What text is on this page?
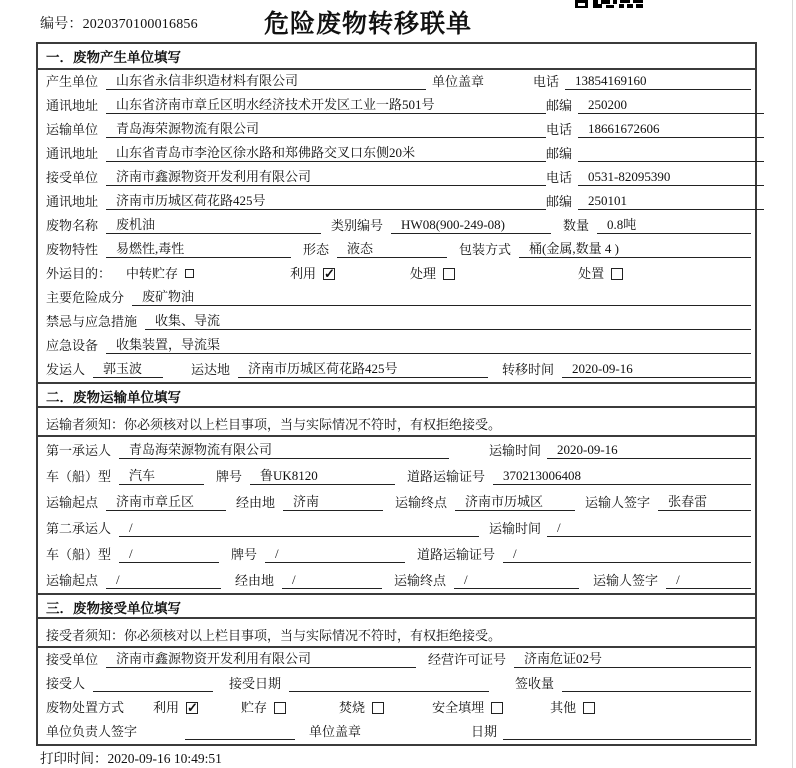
编号：2020370100016856	危险废物转移联单
一．废物产生单位填写
产生单位	山东省永信非织造材料有限公司	单位盖章	电话	13854169160
通讯地址	山东省济南市章丘区明水经济技术开发区工业一路501号	邮编	250200
运输单位	青岛海荣源物流有限公司	电话	18661672606
通讯地址	山东省青岛市李沧区徐水路和郑佛路交叉口东侧20米	邮编
接受单位	济南市鑫源物资开发利用有限公司	电话	0531-82095390
通讯地址	济南市历城区荷花路425号	邮编	250101
废物名称	废机油	类别编号	HW08(900-249-08)	数量	0.8吨
废物特性	易燃性,毒性	形态	液态	包装方式	桶(金属,数量 4 )
外运目的： 中转贮存	利用 ✓	处理	处置
主要危险成分	废矿物油
禁忌与应急措施	收集、导流
应急设备	收集装置，导流渠
发运人	郭玉波	运达地	济南市历城区荷花路425号	转移时间	2020-09-16
二．废物运输单位填写
运输者须知：你必须核对以上栏目事项，当与实际情况不符时，有权拒绝接受。
第一承运人	青岛海荣源物流有限公司	运输时间	2020-09-16
车（船）型	汽车	牌号	鲁UK8120	道路运输证号	370213006408
运输起点	济南市章丘区	经由地	济南	运输终点	济南市历城区	运输人签字	张春雷
第二承运人	/	运输时间	/
车（船）型	/	牌号	/	道路运输证号	/
运输起点	/	经由地	/	运输终点	/	运输人签字	/
三．废物接受单位填写
接受者须知：你必须核对以上栏目事项，当与实际情况不符时，有权拒绝接受。
接受单位	济南市鑫源物资开发利用有限公司	经营许可证号	济南危证02号
接受人	接受日期	签收量
废物处置方式 利用 ✓	贮存	焚烧	安全填埋	其他
单位负责人签字	单位盖章	日期
打印时间：2020-09-16 10:49:51
